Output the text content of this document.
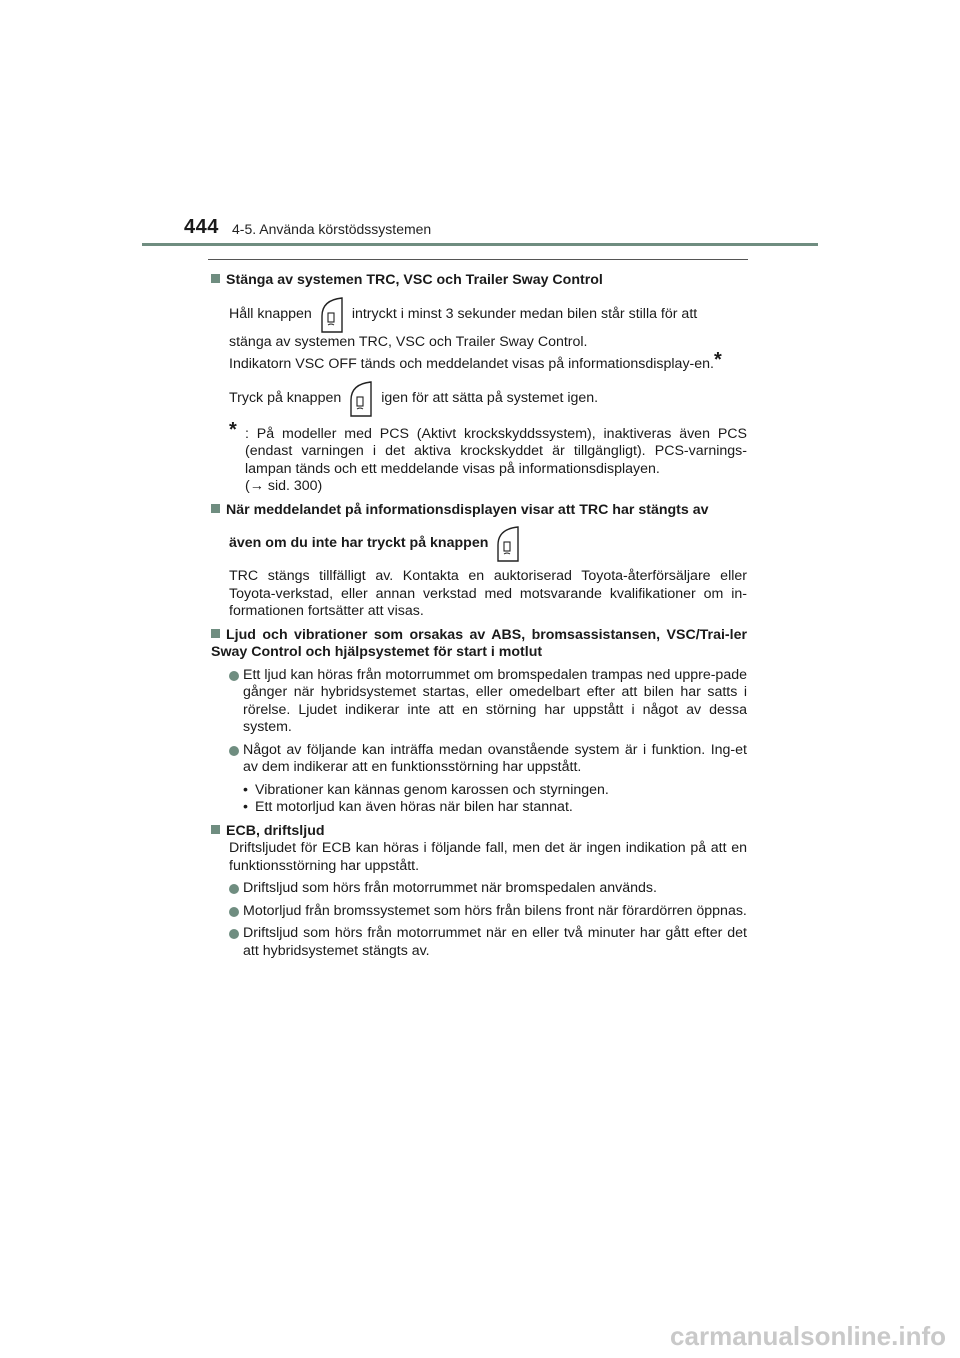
444 4-5. Använda körstödssystemen
Stänga av systemen TRC, VSC och Trailer Sway Control
Håll knappen	intryckt i minst 3 sekunder medan bilen står stilla för att
stänga av systemen TRC, VSC och Trailer Sway Control.
Indikatorn VSC OFF tänds och meddelandet visas på informationsdisplay-en.*
Tryck på knappen	igen för att sätta på systemet igen.
* : På modeller med PCS (Aktivt krockskyddssystem), inaktiveras även PCS (endast varningen i det aktiva krockskyddet är tillgängligt). PCS-varnings-lampan tänds och ett meddelande visas på informationsdisplayen.
(→ sid. 300)
När meddelandet på informationsdisplayen visar att TRC har stängts av
även om du inte har tryckt på knappen
TRC stängs tillfälligt av. Kontakta en auktoriserad Toyota-återförsäljare eller Toyota-verkstad, eller annan verkstad med motsvarande kvalifikationer om in-formationen fortsätter att visas.
Ljud och vibrationer som orsakas av ABS, bromsassistansen, VSC/Trai-ler Sway Control och hjälpsystemet för start i motlut
Ett ljud kan höras från motorrummet om bromspedalen trampas ned uppre-pade gånger när hybridsystemet startas, eller omedelbart efter att bilen har satts i rörelse. Ljudet indikerar inte att en störning har uppstått i något av dessa system.
Något av följande kan inträffa medan ovanstående system är i funktion. Ing-et av dem indikerar att en funktionsstörning har uppstått.
• Vibrationer kan kännas genom karossen och styrningen.
• Ett motorljud kan även höras när bilen har stannat.
ECB, driftsljud
Driftsljudet för ECB kan höras i följande fall, men det är ingen indikation på att en funktionsstörning har uppstått.
Driftsljud som hörs från motorrummet när bromspedalen används.
Motorljud från bromssystemet som hörs från bilens front när förardörren öppnas.
Driftsljud som hörs från motorrummet när en eller två minuter har gått efter det att hybridsystemet stängts av.
carmanualsonline.info
